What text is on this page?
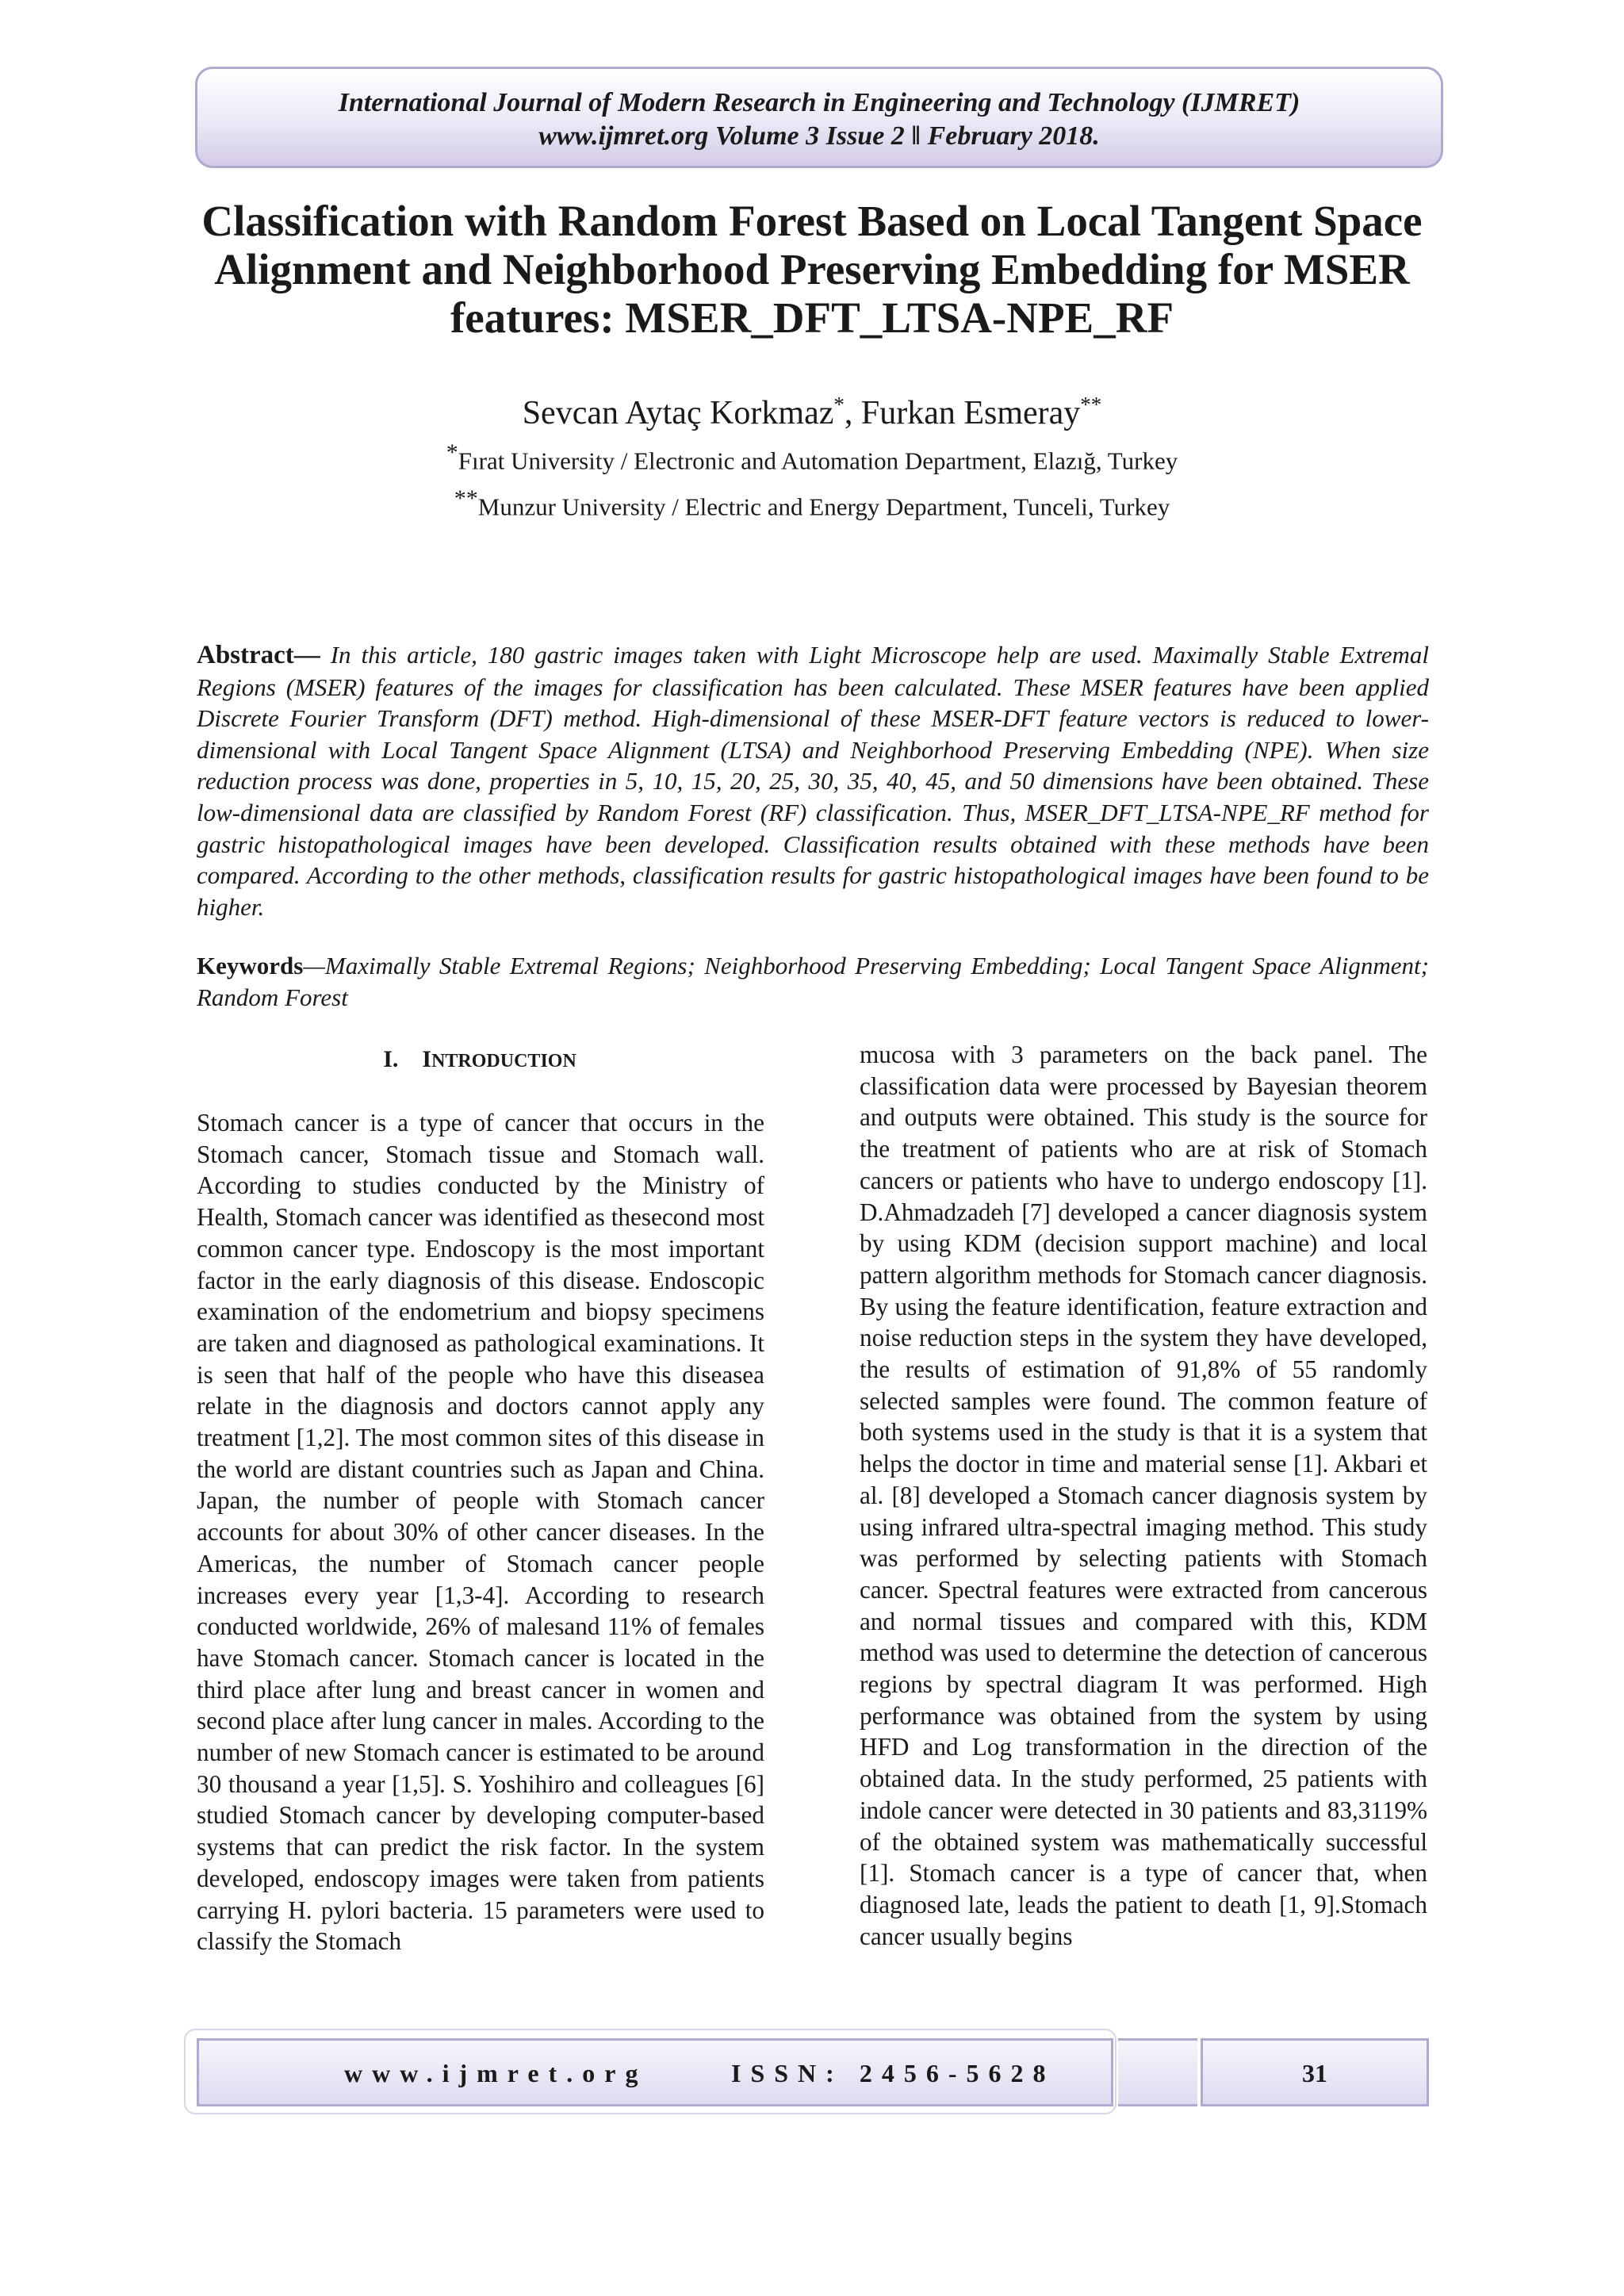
International Journal of Modern Research in Engineering and Technology (IJMRET)
www.ijmret.org Volume 3 Issue 2 ǁ February 2018.
Classification with Random Forest Based on Local Tangent Space Alignment and Neighborhood Preserving Embedding for MSER features: MSER_DFT_LTSA-NPE_RF
Sevcan Aytaç Korkmaz*, Furkan Esmeray**
*Fırat University / Electronic and Automation Department, Elazığ, Turkey
**Munzur University / Electric and Energy Department, Tunceli, Turkey

Abstract— In this article, 180 gastric images taken with Light Microscope help are used. Maximally Stable Extremal Regions (MSER) features of the images for classification has been calculated. These MSER features have been applied Discrete Fourier Transform (DFT) method. High-dimensional of these MSER-DFT feature vectors is reduced to lower-dimensional with Local Tangent Space Alignment (LTSA) and Neighborhood Preserving Embedding (NPE). When size reduction process was done, properties in 5, 10, 15, 20, 25, 30, 35, 40, 45, and 50 dimensions have been obtained. These low-dimensional data are classified by Random Forest (RF) classification. Thus, MSER_DFT_LTSA-NPE_RF method for gastric histopathological images have been developed. Classification results obtained with these methods have been compared. According to the other methods, classification results for gastric histopathological images have been found to be higher.

Keywords—Maximally Stable Extremal Regions; Neighborhood Preserving Embedding; Local Tangent Space Alignment; Random Forest

I. INTRODUCTION

Stomach cancer is a type of cancer that occurs in the Stomach cancer, Stomach tissue and Stomach wall. According to studies conducted by the Ministry of Health, Stomach cancer was identified as thesecond most common cancer type. Endoscopy is the most important factor in the early diagnosis of this disease. Endoscopic examination of the endometrium and biopsy specimens are taken and diagnosed as pathological examinations. It is seen that half of the people who have this diseasea relate in the diagnosis and doctors cannot apply any treatment [1,2]. The most common sites of this disease in the world are distant countries such as Japan and China. Japan, the number of people with Stomach cancer accounts for about 30% of other cancer diseases. In the Americas, the number of Stomach cancer people increases every year [1,3-4]. According to research conducted worldwide, 26% of malesand 11% of females have Stomach cancer. Stomach cancer is located in the third place after lung and breast cancer in women and second place after lung cancer in males. According to the number of new Stomach cancer is estimated to be around 30 thousand a year [1,5]. S. Yoshihiro and colleagues [6] studied Stomach cancer by developing computer-based systems that can predict the risk factor. In the system developed, endoscopy images were taken from patients carrying H. pylori bacteria. 15 parameters were used to classify the Stomach

mucosa with 3 parameters on the back panel. The classification data were processed by Bayesian theorem and outputs were obtained. This study is the source for the treatment of patients who are at risk of Stomach cancers or patients who have to undergo endoscopy [1]. D.Ahmadzadeh [7] developed a cancer diagnosis system by using KDM (decision support machine) and local pattern algorithm methods for Stomach cancer diagnosis. By using the feature identification, feature extraction and noise reduction steps in the system they have developed, the results of estimation of 91,8% of 55 randomly selected samples were found. The common feature of both systems used in the study is that it is a system that helps the doctor in time and material sense [1]. Akbari et al. [8] developed a Stomach cancer diagnosis system by using infrared ultra-spectral imaging method. This study was performed by selecting patients with Stomach cancer. Spectral features were extracted from cancerous and normal tissues and compared with this, KDM method was used to determine the detection of cancerous regions by spectral diagram It was performed. High performance was obtained from the system by using HFD and Log transformation in the direction of the obtained data. In the study performed, 25 patients with indole cancer were detected in 30 patients and 83,3119% of the obtained system was mathematically successful [1]. Stomach cancer is a type of cancer that, when diagnosed late, leads the patient to death [1, 9].Stomach cancer usually begins

www.ijmret.org	ISSN: 2456-5628	31
